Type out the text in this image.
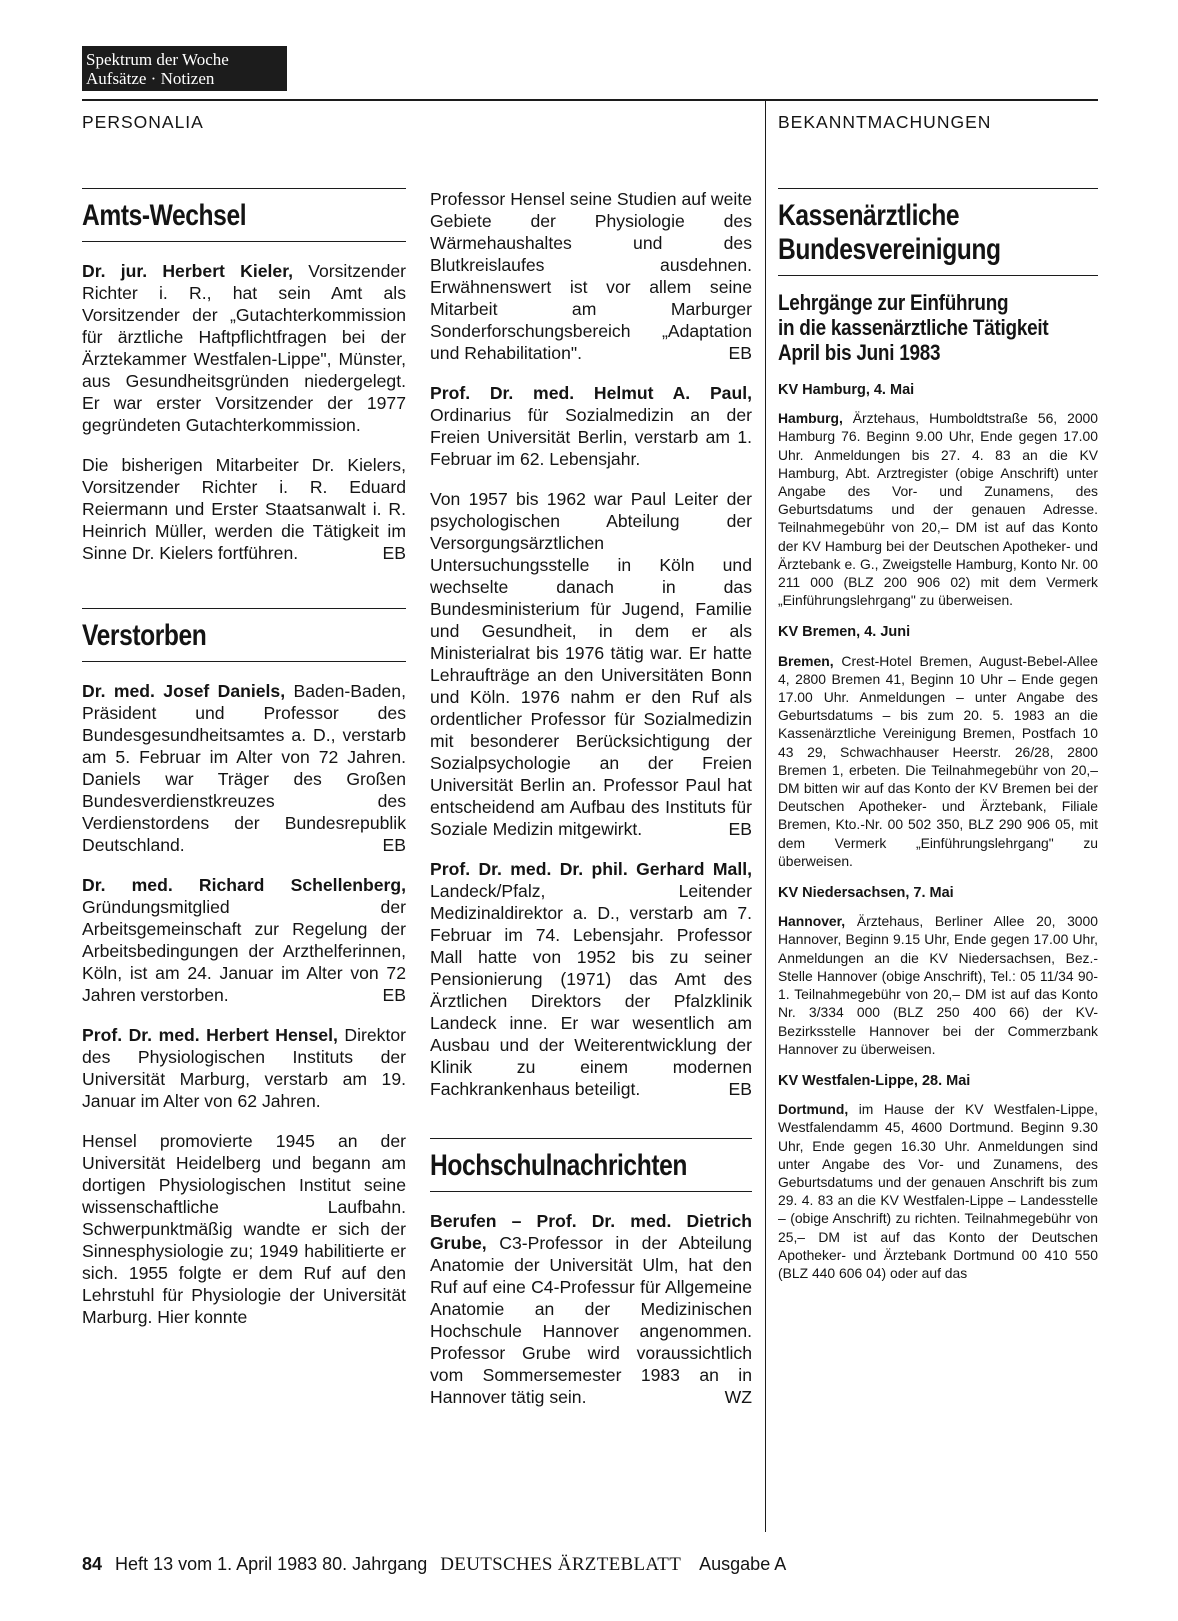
Spektrum der Woche
Aufsätze · Notizen
PERSONALIA	BEKANNTMACHUNGEN
Amts-Wechsel

Dr. jur. Herbert Kieler, Vorsitzender Richter i. R., hat sein Amt als Vorsitzender der „Gutachterkommission für ärztliche Haftpflichtfragen bei der Ärztekammer Westfalen-Lippe", Münster, aus Gesundheitsgründen niedergelegt. Er war erster Vorsitzender der 1977 gegründeten Gutachterkommission.

Die bisherigen Mitarbeiter Dr. Kielers, Vorsitzender Richter i. R. Eduard Reiermann und Erster Staatsanwalt i. R. Heinrich Müller, werden die Tätigkeit im Sinne Dr. Kielers fortführen.	EB

Verstorben

Dr. med. Josef Daniels, Baden-Baden, Präsident und Professor des Bundesgesundheitsamtes a. D., verstarb am 5. Februar im Alter von 72 Jahren. Daniels war Träger des Großen Bundesverdienstkreuzes des Verdienstordens der Bundesrepublik Deutschland.	EB

Dr. med. Richard Schellenberg, Gründungsmitglied der Arbeitsgemeinschaft zur Regelung der Arbeitsbedingungen der Arzthelferinnen, Köln, ist am 24. Januar im Alter von 72 Jahren verstorben.	EB

Prof. Dr. med. Herbert Hensel, Direktor des Physiologischen Instituts der Universität Marburg, verstarb am 19. Januar im Alter von 62 Jahren.

Hensel promovierte 1945 an der Universität Heidelberg und begann am dortigen Physiologischen Institut seine wissenschaftliche Laufbahn. Schwerpunktmäßig wandte er sich der Sinnesphysiologie zu; 1949 habilitierte er sich. 1955 folgte er dem Ruf auf den Lehrstuhl für Physiologie der Universität Marburg. Hier konnte

Professor Hensel seine Studien auf weite Gebiete der Physiologie des Wärmehaushaltes und des Blutkreislaufes ausdehnen. Erwähnenswert ist vor allem seine Mitarbeit am Marburger Sonderforschungsbereich „Adaptation und Rehabilitation".	EB

Prof. Dr. med. Helmut A. Paul, Ordinarius für Sozialmedizin an der Freien Universität Berlin, verstarb am 1. Februar im 62. Lebensjahr.

Von 1957 bis 1962 war Paul Leiter der psychologischen Abteilung der Versorgungsärztlichen Untersuchungsstelle in Köln und wechselte danach in das Bundesministerium für Jugend, Familie und Gesundheit, in dem er als Ministerialrat bis 1976 tätig war. Er hatte Lehraufträge an den Universitäten Bonn und Köln. 1976 nahm er den Ruf als ordentlicher Professor für Sozialmedizin mit besonderer Berücksichtigung der Sozialpsychologie an der Freien Universität Berlin an. Professor Paul hat entscheidend am Aufbau des Instituts für Soziale Medizin mitgewirkt.	EB

Prof. Dr. med. Dr. phil. Gerhard Mall, Landeck/Pfalz, Leitender Medizinaldirektor a. D., verstarb am 7. Februar im 74. Lebensjahr. Professor Mall hatte von 1952 bis zu seiner Pensionierung (1971) das Amt des Ärztlichen Direktors der Pfalzklinik Landeck inne. Er war wesentlich am Ausbau und der Weiterentwicklung der Klinik zu einem modernen Fachkrankenhaus beteiligt.	EB

Hochschulnachrichten

Berufen – Prof. Dr. med. Dietrich Grube, C3-Professor in der Abteilung Anatomie der Universität Ulm, hat den Ruf auf eine C4-Professur für Allgemeine Anatomie an der Medizinischen Hochschule Hannover angenommen. Professor Grube wird voraussichtlich vom Sommersemester 1983 an in Hannover tätig sein.	WZ

Kassenärztliche
Bundesvereinigung
Lehrgänge zur Einführung
in die kassenärztliche Tätigkeit
April bis Juni 1983
KV Hamburg, 4. Mai

Hamburg, Ärztehaus, Humboldtstraße 56, 2000 Hamburg 76. Beginn 9.00 Uhr, Ende gegen 17.00 Uhr. Anmeldungen bis 27. 4. 83 an die KV Hamburg, Abt. Arztregister (obige Anschrift) unter Angabe des Vor- und Zunamens, des Geburtsdatums und der genauen Adresse. Teilnahmegebühr von 20,– DM ist auf das Konto der KV Hamburg bei der Deutschen Apotheker- und Ärztebank e. G., Zweigstelle Hamburg, Konto Nr. 00 211 000 (BLZ 200 906 02) mit dem Vermerk „Einführungslehrgang" zu überweisen.

KV Bremen, 4. Juni

Bremen, Crest-Hotel Bremen, August-Bebel-Allee 4, 2800 Bremen 41, Beginn 10 Uhr – Ende gegen 17.00 Uhr. Anmeldungen – unter Angabe des Geburtsdatums – bis zum 20. 5. 1983 an die Kassenärztliche Vereinigung Bremen, Postfach 10 43 29, Schwachhauser Heerstr. 26/28, 2800 Bremen 1, erbeten. Die Teilnahmegebühr von 20,– DM bitten wir auf das Konto der KV Bremen bei der Deutschen Apotheker- und Ärztebank, Filiale Bremen, Kto.-Nr. 00 502 350, BLZ 290 906 05, mit dem Vermerk „Einführungslehrgang" zu überweisen.

KV Niedersachsen, 7. Mai

Hannover, Ärztehaus, Berliner Allee 20, 3000 Hannover, Beginn 9.15 Uhr, Ende gegen 17.00 Uhr, Anmeldungen an die KV Niedersachsen, Bez.-Stelle Hannover (obige Anschrift), Tel.: 05 11/34 90-1. Teilnahmegebühr von 20,– DM ist auf das Konto Nr. 3/334 000 (BLZ 250 400 66) der KV-Bezirksstelle Hannover bei der Commerzbank Hannover zu überweisen.

KV Westfalen-Lippe, 28. Mai

Dortmund, im Hause der KV Westfalen-Lippe, Westfalendamm 45, 4600 Dortmund. Beginn 9.30 Uhr, Ende gegen 16.30 Uhr. Anmeldungen sind unter Angabe des Vor- und Zunamens, des Geburtsdatums und der genauen Anschrift bis zum 29. 4. 83 an die KV Westfalen-Lippe – Landesstelle – (obige Anschrift) zu richten. Teilnahmegebühr von 25,– DM ist auf das Konto der Deutschen Apotheker- und Ärztebank Dortmund 00 410 550 (BLZ 440 606 04) oder auf das

84 Heft 13 vom 1. April 1983 80. Jahrgang DEUTSCHES ÄRZTEBLATT Ausgabe A
